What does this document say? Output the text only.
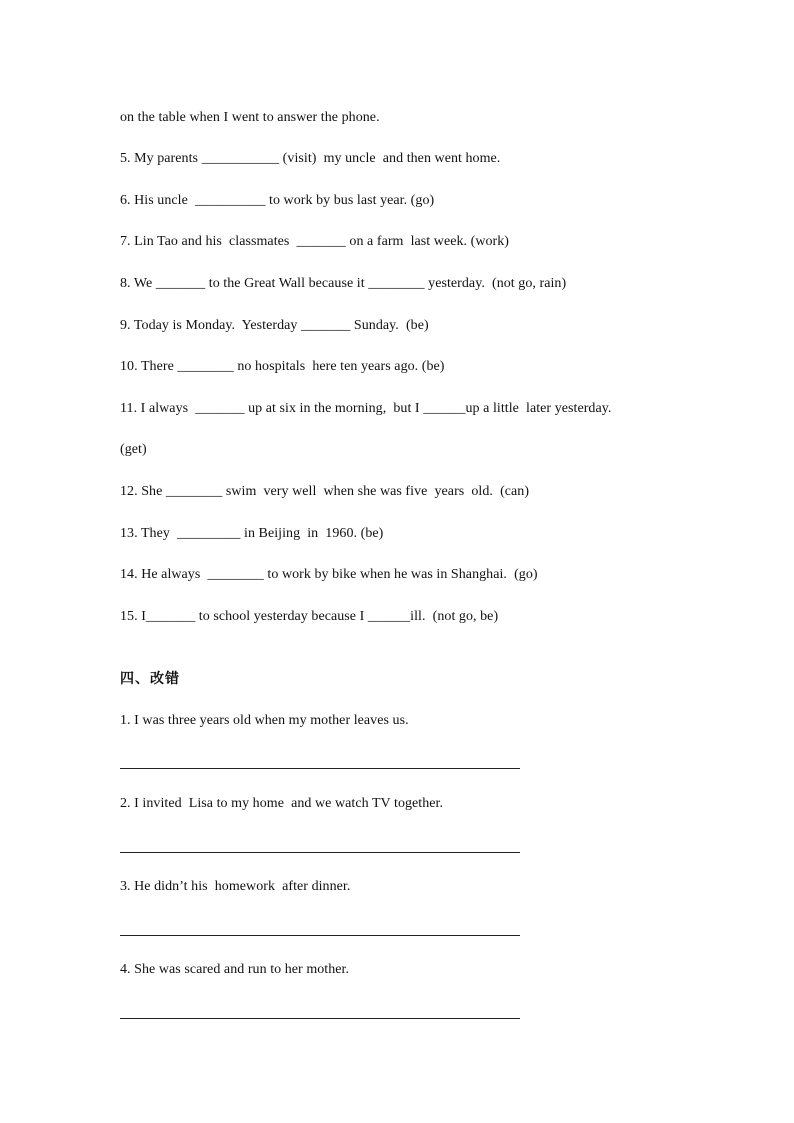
on the table when I went to answer the phone.
5. My parents ___________ (visit)  my uncle  and then went home.
6. His uncle  __________ to work by bus last year. (go)
7. Lin Tao and his  classmates  _______ on a farm  last week. (work)
8. We _______ to the Great Wall because it ________ yesterday.  (not go, rain)
9. Today is Monday.  Yesterday _______ Sunday.  (be)
10. There ________ no hospitals  here ten years ago. (be)
11. I always  _______ up at six in the morning,  but I ______up a little  later yesterday.
(get)
12. She ________ swim  very well  when she was five  years  old.  (can)
13. They  _________ in Beijing  in  1960. (be)
14. He always  ________ to work by bike when he was in Shanghai.  (go)
15. I_______ to school yesterday because I ______ill.  (not go, be)
四、改错
1. I was three years old when my mother leaves us.
2. I invited  Lisa to my home  and we watch TV together.
3. He didn’t his  homework  after dinner.
4. She was scared and run to her mother.
